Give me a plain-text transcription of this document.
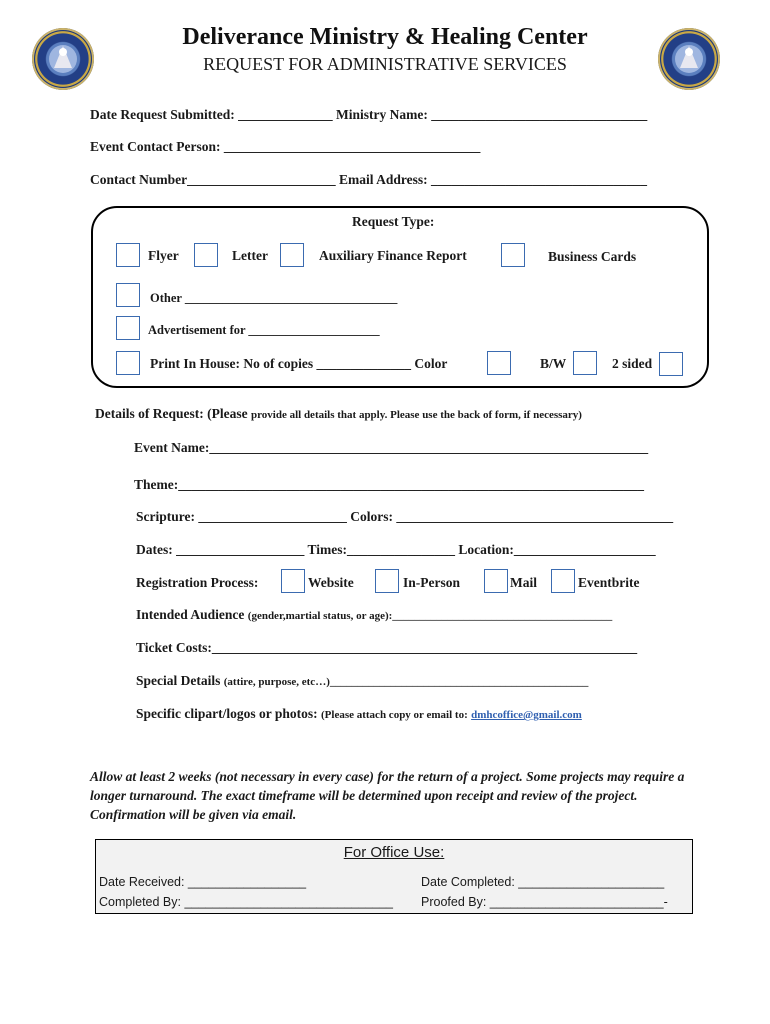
Deliverance Ministry & Healing Center
REQUEST FOR ADMINISTRATIVE SERVICES
Date Request Submitted: ______________ Ministry Name: ________________________________
Event Contact Person: ______________________________________
Contact Number______________________ Email Address: ________________________________
Request Type:
Flyer	Letter	Auxiliary Finance Report	Business Cards
Other __________________________________
Advertisement for _____________________
Print In House: No of copies ______________ Color	B/W	2 sided
Details of Request: (Please provide all details that apply. Please use the back of form, if necessary)
Event Name:_________________________________________________________________
Theme:_____________________________________________________________________
Scripture: ______________________ Colors: _________________________________________
Dates: ___________________ Times:________________ Location:_____________________
Registration Process:	Website	In-Person	Mail	Eventbrite
Intended Audience (gender,martial status, or age):________________________________________
Ticket Costs:_______________________________________________________________
Special Details (attire, purpose, etc…)_______________________________________________
Specific clipart/logos or photos: (Please attach copy or email to: dmhcoffice@gmail.com
Allow at least 2 weeks (not necessary in every case) for the return of a project. Some projects may require a longer turnaround. The exact timeframe will be determined upon receipt and review of the project. Confirmation will be given via email.
For Office Use:
Date Received: _________________
Completed By: ______________________________
Date Completed: _____________________
Proofed By: _________________________-
